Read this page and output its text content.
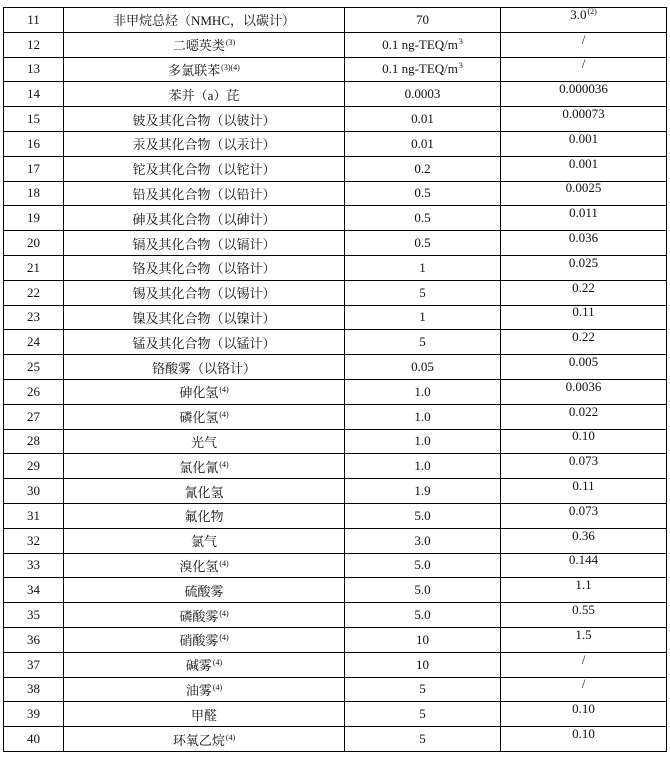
11	非甲烷总烃（NMHC，以碳计）	70	3.0$^{(2)}$
12	二噁英类$^{(3)}$	0.1 $ng-TEQ/m^3$	/
13	多氯联苯$^{(3)(4)}$	0.1 $ng-TEQ/m^3$	/
14	苯并（a）芘	0.0003	0.000036
15	铍及其化合物（以铍计）	0.01	0.00073
16	汞及其化合物（以汞计）	0.01	0.001
17	铊及其化合物（以铊计）	0.2	0.001
18	铅及其化合物（以铅计）	0.5	0.0025
19	砷及其化合物（以砷计）	0.5	0.011
20	镉及其化合物（以镉计）	0.5	0.036
21	铬及其化合物（以铬计）	1	0.025
22	锡及其化合物（以锡计）	5	0.22
23	镍及其化合物（以镍计）	1	0.11
24	锰及其化合物（以锰计）	5	0.22
25	铬酸雾（以铬计）	0.05	0.005
26	砷化氢$^{(4)}$	1.0	0.0036
27	磷化氢$^{(4)}$	1.0	0.022
28	光气	1.0	0.10
29	氯化氰$^{(4)}$	1.0	0.073
30	氰化氢	1.9	0.11
31	氟化物	5.0	0.073
32	氯气	3.0	0.36
33	溴化氢$^{(4)}$	5.0	0.144
34	硫酸雾	5.0	1.1
35	磷酸雾$^{(4)}$	5.0	0.55
36	硝酸雾$^{(4)}$	10	1.5
37	碱雾$^{(4)}$	10	/
38	油雾$^{(4)}$	5	/
39	甲醛	5	0.10
40	环氧乙烷$^{(4)}$	5	0.10
